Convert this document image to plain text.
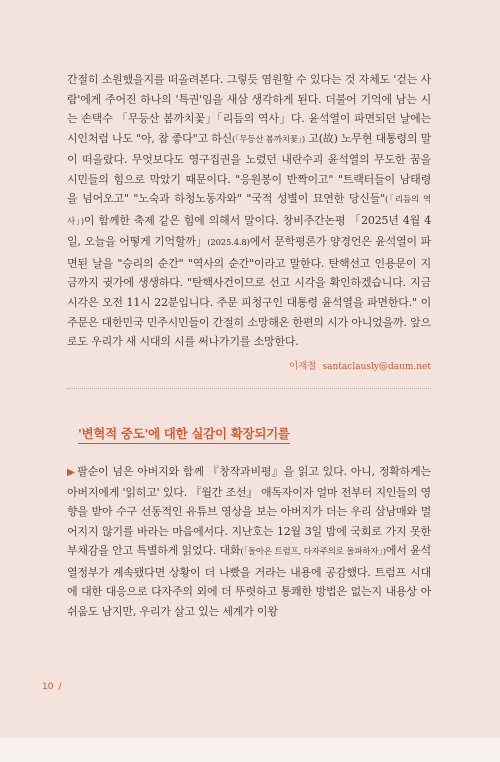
간절히 소원했을지를 떠올려본다. 그렇듯 염원할 수 있다는 것 자체도 '걷는 사람'에게 주어진 하나의 '특권'임을 새삼 생각하게 된다. 더불어 기억에 남는 시는 손택수 「무등산 봄까치꽃」「리듬의 역사」다. 윤석열이 파면되던 날에는 시인처럼 나도 "아, 참 좋다"고 하신(「무등산 봄까치꽃」) 고(故) 노무현 대통령의 말이 떠올랐다. 무엇보다도 영구집권을 노렸던 내란수괴 윤석열의 무도한 꿈을 시민들의 힘으로 막았기 때문이다. "응원봉이 반짝이고" "트랙터들이 남태령을 넘어오고" "노숙과 하청노동자와" "국적 성별이 묘연한 당신들"(「리듬의 역사」)이 함께한 축제 같은 힘에 의해서 말이다. 창비주간논평 「2025년 4월 4일, 오늘을 어떻게 기억할까」(2025.4.8)에서 문학평론가 양경언은 윤석열이 파면된 날을 "승리의 순간" "역사의 순간"이라고 말한다. 탄핵선고 인용문이 지금까지 귓가에 생생하다. "탄핵사건이므로 선고 시각을 확인하겠습니다. 지금 시각은 오전 11시 22분입니다. 주문 피청구인 대통령 윤석열을 파면한다." 이 주문은 대한민국 민주시민들이 간절히 소망해온 한편의 시가 아니었을까. 앞으로도 우리가 새 시대의 시를 써나가기를 소망한다.

이재철 santaclausly@daum.net
'변혁적 중도'에 대한 실감이 확장되기를

▶ 팔순이 넘은 아버지와 함께 『창작과비평』을 읽고 있다. 아니, 정확하게는 아버지에게 '읽히고' 있다. 『월간 조선』 애독자이자 얼마 전부터 지인들의 영향을 받아 수구 선동적인 유튜브 영상을 보는 아버지가 더는 우리 삼남매와 멀어지지 않기를 바라는 마음에서다. 지난호는 12월 3일 밤에 국회로 가지 못한 부채감을 안고 특별하게 읽었다. 대화(「돌아온 트럼프, 다자주의로 돌파하자」)에서 윤석열정부가 계속됐다면 상황이 더 나빴을 거라는 내용에 공감했다. 트럼프 시대에 대한 대응으로 다자주의 외에 더 뚜렷하고 통쾌한 방법은 없는지 내용상 아쉬움도 남지만, 우리가 살고 있는 세계가 이왕

10 /
